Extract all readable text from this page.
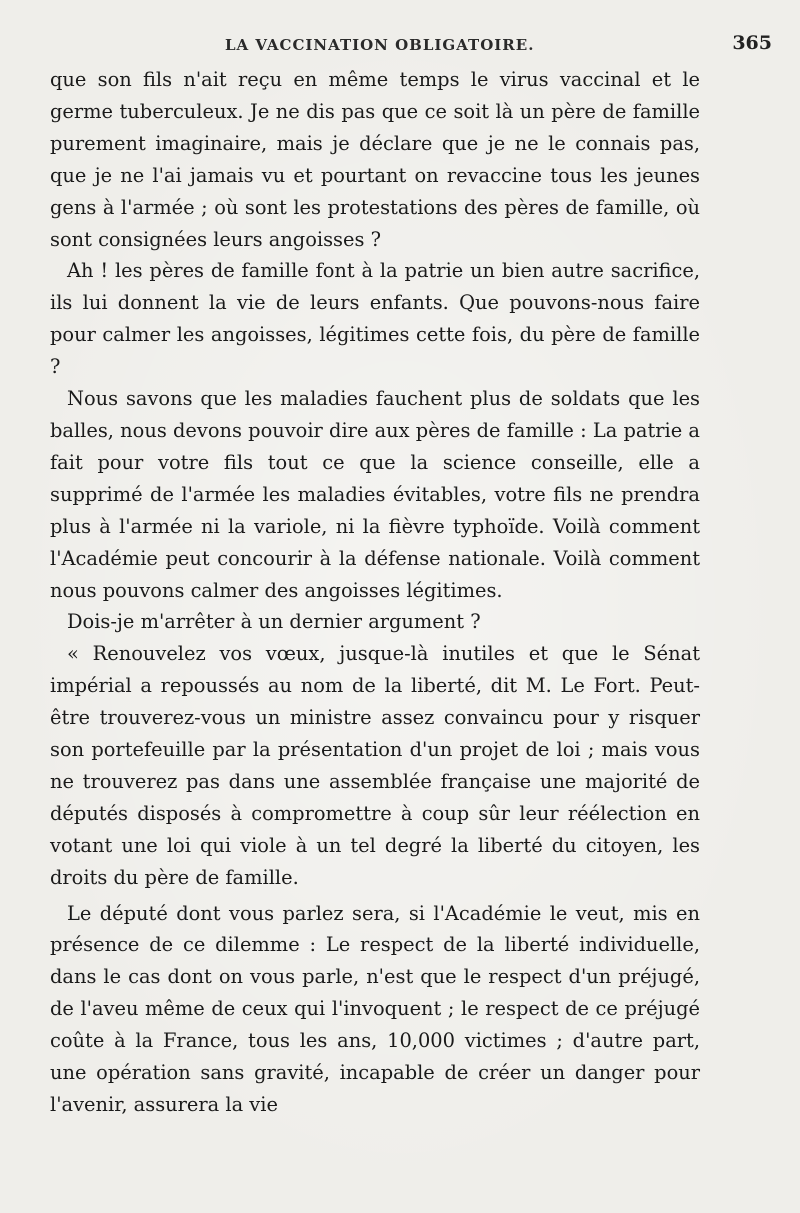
LA VACCINATION OBLIGATOIRE.	365

que son fils n'ait reçu en même temps le virus vaccinal et le germe tuberculeux. Je ne dis pas que ce soit là un père de famille purement imaginaire, mais je déclare que je ne le connais pas, que je ne l'ai jamais vu et pourtant on revaccine tous les jeunes gens à l'armée ; où sont les protestations des pères de famille, où sont consignées leurs angoisses ?

Ah ! les pères de famille font à la patrie un bien autre sacrifice, ils lui donnent la vie de leurs enfants. Que pouvons-nous faire pour calmer les angoisses, légitimes cette fois, du père de famille ?

Nous savons que les maladies fauchent plus de soldats que les balles, nous devons pouvoir dire aux pères de famille : La patrie a fait pour votre fils tout ce que la science conseille, elle a supprimé de l'armée les maladies évitables, votre fils ne prendra plus à l'armée ni la variole, ni la fièvre typhoïde. Voilà comment l'Académie peut concourir à la défense nationale. Voilà comment nous pouvons calmer des angoisses légitimes.

Dois-je m'arrêter à un dernier argument ?

« Renouvelez vos vœux, jusque-là inutiles et que le Sénat impérial a repoussés au nom de la liberté, dit M. Le Fort. Peut-être trouverez-vous un ministre assez convaincu pour y risquer son portefeuille par la présentation d'un projet de loi ; mais vous ne trouverez pas dans une assemblée française une majorité de députés disposés à compromettre à coup sûr leur réélection en votant une loi qui viole à un tel degré la liberté du citoyen, les droits du père de famille.

Le député dont vous parlez sera, si l'Académie le veut, mis en présence de ce dilemme : Le respect de la liberté individuelle, dans le cas dont on vous parle, n'est que le respect d'un préjugé, de l'aveu même de ceux qui l'invoquent ; le respect de ce préjugé coûte à la France, tous les ans, 10,000 victimes ; d'autre part, une opération sans gravité, incapable de créer un danger pour l'avenir, assurera la vie
